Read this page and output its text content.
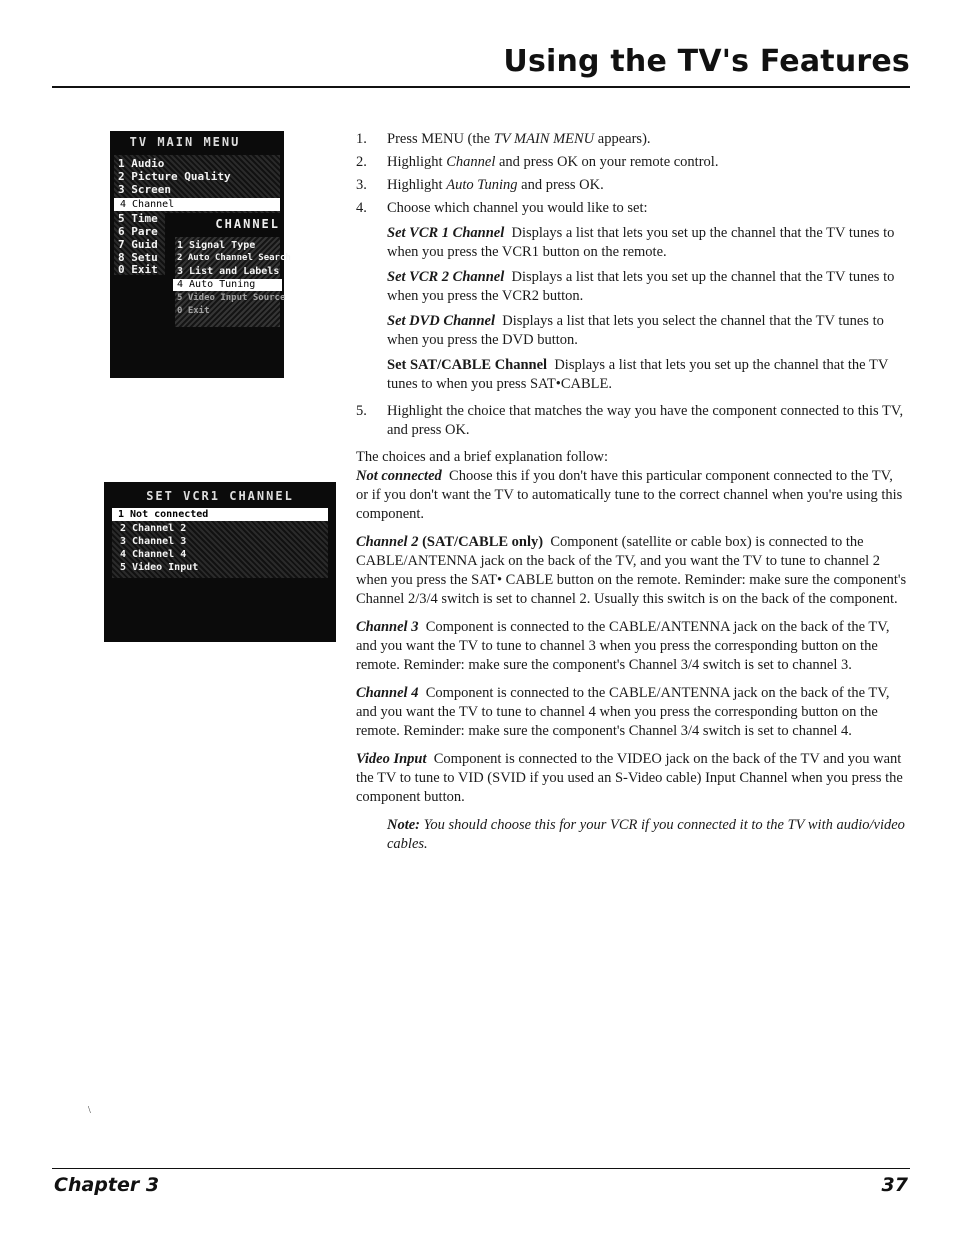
Using the TV's Features
TV MAIN MENU
1 Audio
2 Picture Quality
3 Screen
4 Channel
5 Time
6 Pare
7 Guid
8 Setu
0 Exit
CHANNEL
1 Signal Type
2 Auto Channel Search
3 List and Labels
4 Auto Tuning
5 Video Input Source
0 Exit
SET VCR1 CHANNEL
1 Not connected
2 Channel 2
3 Channel 3
4 Channel 4
5 Video Input
1. Press MENU (the TV MAIN MENU appears).
2. Highlight Channel and press OK on your remote control.
3. Highlight Auto Tuning and press OK.
4. Choose which channel you would like to set:
Set VCR 1 Channel Displays a list that lets you set up the channel that the TV tunes to when you press the VCR1 button on the remote.
Set VCR 2 Channel Displays a list that lets you set up the channel that the TV tunes to when you press the VCR2 button.
Set DVD Channel Displays a list that lets you select the channel that the TV tunes to when you press the DVD button.
Set SAT/CABLE Channel Displays a list that lets you set up the channel that the TV tunes to when you press SAT•CABLE.
5. Highlight the choice that matches the way you have the component connected to this TV, and press OK.
The choices and a brief explanation follow:
Not connected Choose this if you don't have this particular component connected to the TV, or if you don't want the TV to automatically tune to the correct channel when you're using this component.
Channel 2 (SAT/CABLE only) Component (satellite or cable box) is connected to the CABLE/ANTENNA jack on the back of the TV, and you want the TV to tune to channel 2 when you press the SAT• CABLE button on the remote. Reminder: make sure the component's Channel 2/3/4 switch is set to channel 2. Usually this switch is on the back of the component.
Channel 3 Component is connected to the CABLE/ANTENNA jack on the back of the TV, and you want the TV to tune to channel 3 when you press the corresponding button on the remote. Reminder: make sure the component's Channel 3/4 switch is set to channel 3.
Channel 4 Component is connected to the CABLE/ANTENNA jack on the back of the TV, and you want the TV to tune to channel 4 when you press the corresponding button on the remote. Reminder: make sure the component's Channel 3/4 switch is set to channel 4.
Video Input Component is connected to the VIDEO jack on the back of the TV and you want the TV to tune to VID (SVID if you used an S-Video cable) Input Channel when you press the component button.
Note: You should choose this for your VCR if you connected it to the TV with audio/video cables.
\
Chapter 3	37
